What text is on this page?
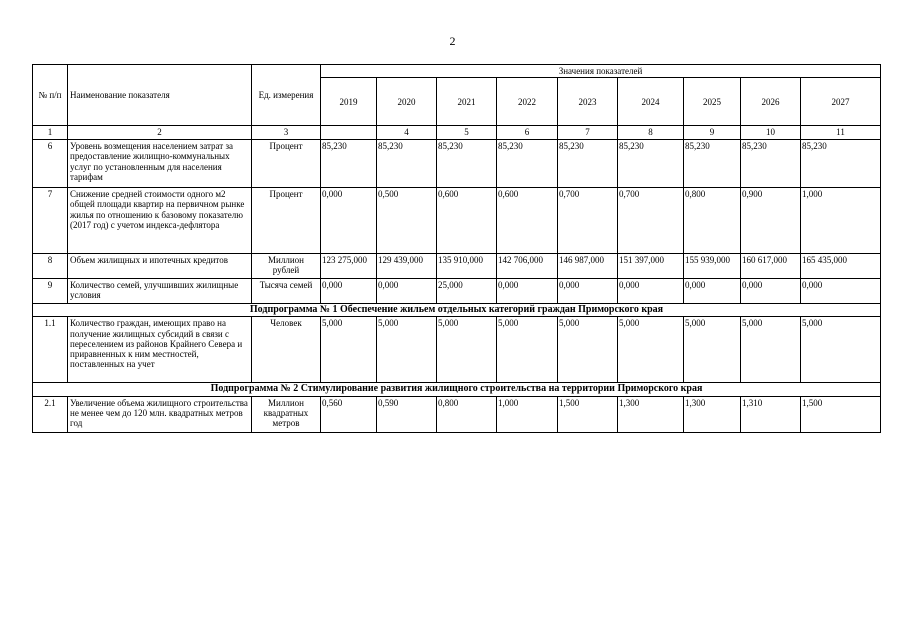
2
№ п/п	Наименование показателя	Ед. измерения	Значения показателей								
			2019	2020	2021	2022	2023	2024	2025	2026	2027
1	2	3		4	5	6	7	8	9	10	11
6	Уровень возмещения населением затрат за предоставление жилищно-коммунальных услуг по установленным для населения тарифам	Процент	85,230	85,230	85,230	85,230	85,230	85,230	85,230	85,230	85,230
7	Снижение средней стоимости одного м2 общей площади квартир на первичном рынке жилья по отношению к базовому показателю (2017 год) с учетом индекса-дефлятора	Процент	0,000	0,500	0,600	0,600	0,700	0,700	0,800	0,900	1,000
8	Объем жилищных и ипотечных кредитов	Миллион рублей	123 275,000	129 439,000	135 910,000	142 706,000	146 987,000	151 397,000	155 939,000	160 617,000	165 435,000
9	Количество семей, улучшивших жилищные условия	Тысяча семей	0,000	0,000	25,000	0,000	0,000	0,000	0,000	0,000	0,000
Подпрограмма № 1 Обеспечение жильем отдельных категорий граждан Приморского края											
1.1	Количество граждан, имеющих право на получение жилищных субсидий в связи с переселением из районов Крайнего Севера и приравненных к ним местностей, поставленных на учет	Человек	5,000	5,000	5,000	5,000	5,000	5,000	5,000	5,000	5,000
Подпрограмма № 2 Стимулирование развития жилищного строительства на территории Приморского края											
2.1	Увеличение объема жилищного строительства не менее чем до 120 млн. квадратных метров год	Миллион квадратных метров	0,560	0,590	0,800	1,000	1,500	1,300	1,300	1,310	1,500
